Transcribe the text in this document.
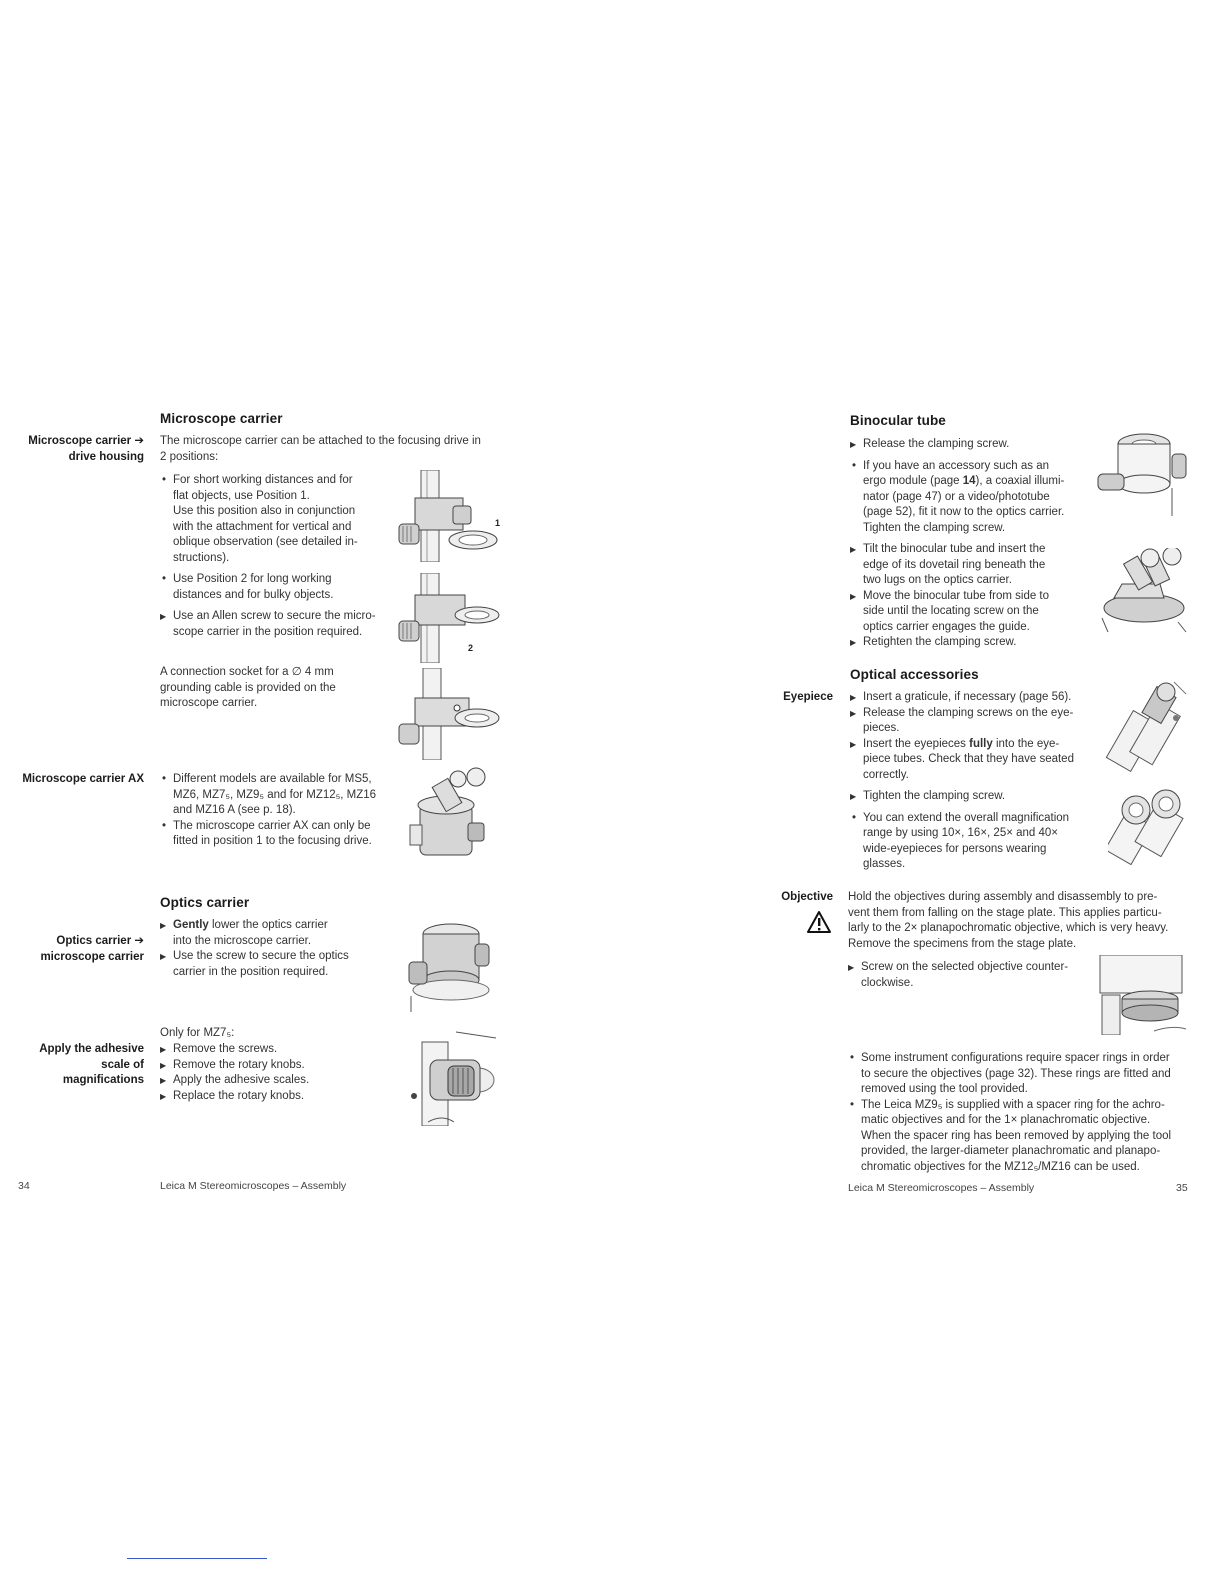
Microscope carrier
Microscope carrier ➔
drive housing

The microscope carrier can be attached to the focusing drive in

2 positions:

• For short working distances and for
flat objects, use Position 1.
Use this position also in conjunction
with the attachment for vertical and
oblique observation (see detailed in-
structions).
• Use Position 2 for long working
distances and for bulky objects.
▶ Use an Allen screw to secure the micro-
scope carrier in the position required.
1
2

A connection socket for a ∅ 4 mm

grounding cable is provided on the

microscope carrier.

Microscope carrier AX	• Different models are available for MS5,
MZ6, MZ7₅, MZ9₅ and for MZ12₅, MZ16
and MZ16 A (see p. 18).
• The microscope carrier AX can only be
fitted in position 1 to the focusing drive.
Optics carrier
Optics carrier ➔
microscope carrier
▶ Gently lower the optics carrier
into the microscope carrier.
▶ Use the screw to secure the optics
carrier in the position required.
Apply the adhesive
scale of
magnifications
Only for MZ7₅:
▶ Remove the screws.
▶ Remove the rotary knobs.
▶ Apply the adhesive scales.
▶ Replace the rotary knobs.
34	Leica M Stereomicroscopes – Assembly
Binocular tube
▶ Release the clamping screw.
• If you have an accessory such as an
ergo module (page 14), a coaxial illumi-
nator (page 47) or a video/phototube
(page 52), fit it now to the optics carrier.
Tighten the clamping screw.
▶ Tilt the binocular tube and insert the
edge of its dovetail ring beneath the
two lugs on the optics carrier.
▶ Move the binocular tube from side to
side until the locating screw on the
optics carrier engages the guide.
▶ Retighten the clamping screw.
Optical accessories
Eyepiece	▶ Insert a graticule, if necessary (page 56).
▶ Release the clamping screws on the eye-
pieces.
▶ Insert the eyepieces fully into the eye-
piece tubes. Check that they have seated
correctly.
▶ Tighten the clamping screw.
• You can extend the overall magnification
range by using 10×, 16×, 25× and 40×
wide-eyepieces for persons wearing
glasses.
Objective Hold the objectives during assembly and disassembly to pre-

vent them from falling on the stage plate. This applies particu-

larly to the 2× planapochromatic objective, which is very heavy.

Remove the specimens from the stage plate.

▶ Screw on the selected objective counter-
clockwise.
• Some instrument configurations require spacer rings in order
to secure the objectives (page 32). These rings are fitted and
removed using the tool provided.
• The Leica MZ9₅ is supplied with a spacer ring for the achro-
matic objectives and for the 1× planachromatic objective.
When the spacer ring has been removed by applying the tool
provided, the larger-diameter planachromatic and planapo-
chromatic objectives for the MZ12₅/MZ16 can be used.
Leica M Stereomicroscopes – Assembly	35
